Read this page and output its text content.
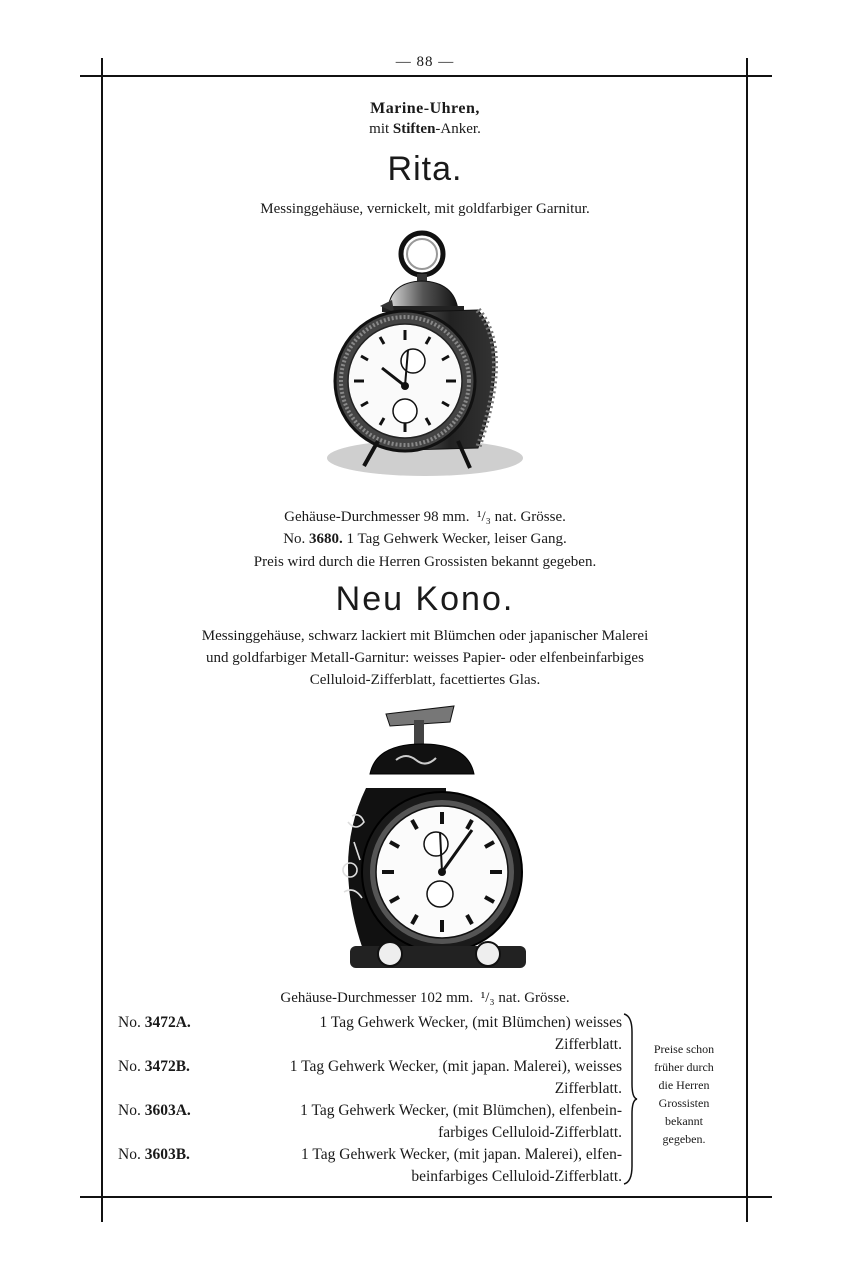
— 88 —
Marine-Uhren,
mit Stiften-Anker.
Rita.
Messinggehäuse, vernickelt, mit goldfarbiger Garnitur.
Gehäuse-Durchmesser 98 mm. ¹/₃ nat. Grösse.
No. 3680. 1 Tag Gehwerk Wecker, leiser Gang.
Preis wird durch die Herren Grossisten bekannt gegeben.
Neu Kono.
Messinggehäuse, schwarz lackiert mit Blümchen oder japanischer Malerei
und goldfarbiger Metall-Garnitur: weisses Papier- oder elfenbeinfarbiges
Celluloid-Zifferblatt, facettiertes Glas.
Gehäuse-Durchmesser 102 mm. ¹/₃ nat. Grösse.
No. 3472A.	1 Tag Gehwerk Wecker, (mit Blümchen) weisses
Zifferblatt.
No. 3472B.	1 Tag Gehwerk Wecker, (mit japan. Malerei), weisses
Zifferblatt.
No. 3603A.	1 Tag Gehwerk Wecker, (mit Blümchen), elfenbein-
farbiges Celluloid-Zifferblatt.
No. 3603B.	1 Tag Gehwerk Wecker, (mit japan. Malerei), elfen-
beinfarbiges Celluloid-Zifferblatt.
Preise schon
früher durch
die Herren
Grossisten
bekannt
gegeben.
